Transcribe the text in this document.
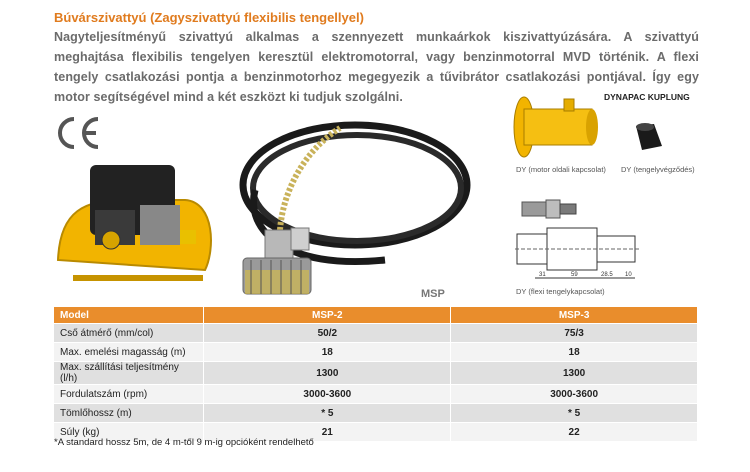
Búvárszivattyú (Zagyszivattyú flexibilis tengellyel)
Nagyteljesítményű szivattyú alkalmas a szennyezett munkaárkok kiszivattyúzására. A szivattyú meghajtása flexibilis tengelyen keresztül elektromotorral, vagy benzinmotorral MVD történik. A flexi tengely csatlakozási pontja a benzinmotorhoz megegyezik a tűvibrátor csatlakozási pontjával. Így egy motor segítségével mind a két eszközt ki tudjuk szolgálni.
MSP
DYNAPAC KUPLUNG
DY (motor oldali kapcsolat) DY (tengelyvégződés)
31	59	28.5 10
DY (flexi tengelykapcsolat)
Model	MSP-2	MSP-3
Cső átmérő (mm/col)	50/2	75/3
Max. emelési magasság (m)	18	18
Max. szállítási teljesítmény (l/h)	1300	1300
Fordulatszám (rpm)	3000-3600	3000-3600
Tömlőhossz (m)	* 5	* 5
Súly (kg)	21	22
*A standard hossz 5m, de 4 m-től 9 m-ig opcióként rendelhető
